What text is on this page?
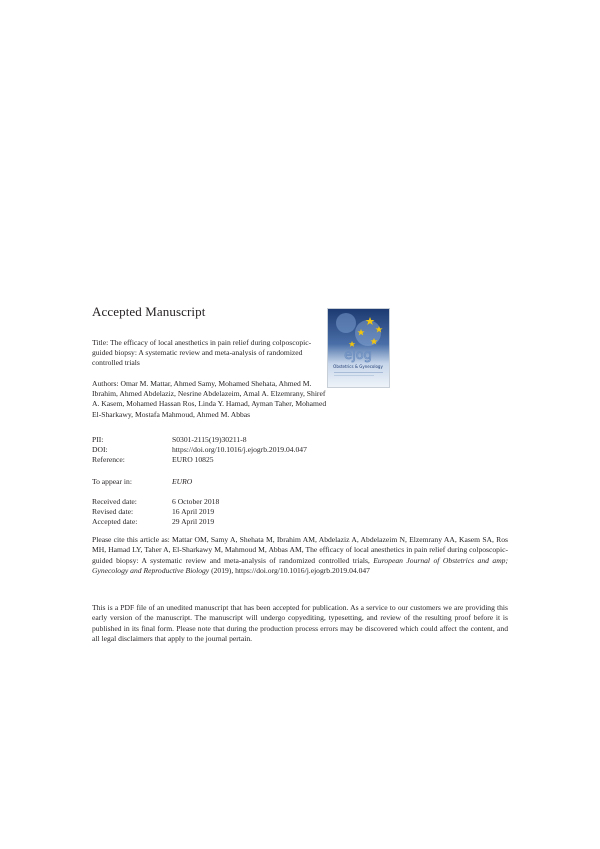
Accepted Manuscript
ejog
Obstetrics & Gynecology
Title: The efficacy of local anesthetics in pain relief during colposcopic-guided biopsy: A systematic review and meta-analysis of randomized controlled trials
Authors: Omar M. Mattar, Ahmed Samy, Mohamed Shehata, Ahmed M. Ibrahim, Ahmed Abdelaziz, Nesrine Abdelazeim, Amal A. Elzemrany, Shiref A. Kasem, Mohamed Hassan Ros, Linda Y. Hamad, Ayman Taher, Mohamed El-Sharkawy, Mostafa Mahmoud, Ahmed M. Abbas
PII:	S0301-2115(19)30211-8
DOI:	https://doi.org/10.1016/j.ejogrb.2019.04.047
Reference:	EURO 10825
To appear in:	EURO
Received date:	6 October 2018
Revised date:	16 April 2019
Accepted date:	29 April 2019
Please cite this article as: Mattar OM, Samy A, Shehata M, Ibrahim AM, Abdelaziz A, Abdelazeim N, Elzemrany AA, Kasem SA, Ros MH, Hamad LY, Taher A, El-Sharkawy M, Mahmoud M, Abbas AM, The efficacy of local anesthetics in pain relief during colposcopic-guided biopsy: A systematic review and meta-analysis of randomized controlled trials, European Journal of Obstetrics and amp; Gynecology and Reproductive Biology (2019), https://doi.org/10.1016/j.ejogrb.2019.04.047
This is a PDF file of an unedited manuscript that has been accepted for publication. As a service to our customers we are providing this early version of the manuscript. The manuscript will undergo copyediting, typesetting, and review of the resulting proof before it is published in its final form. Please note that during the production process errors may be discovered which could affect the content, and all legal disclaimers that apply to the journal pertain.
